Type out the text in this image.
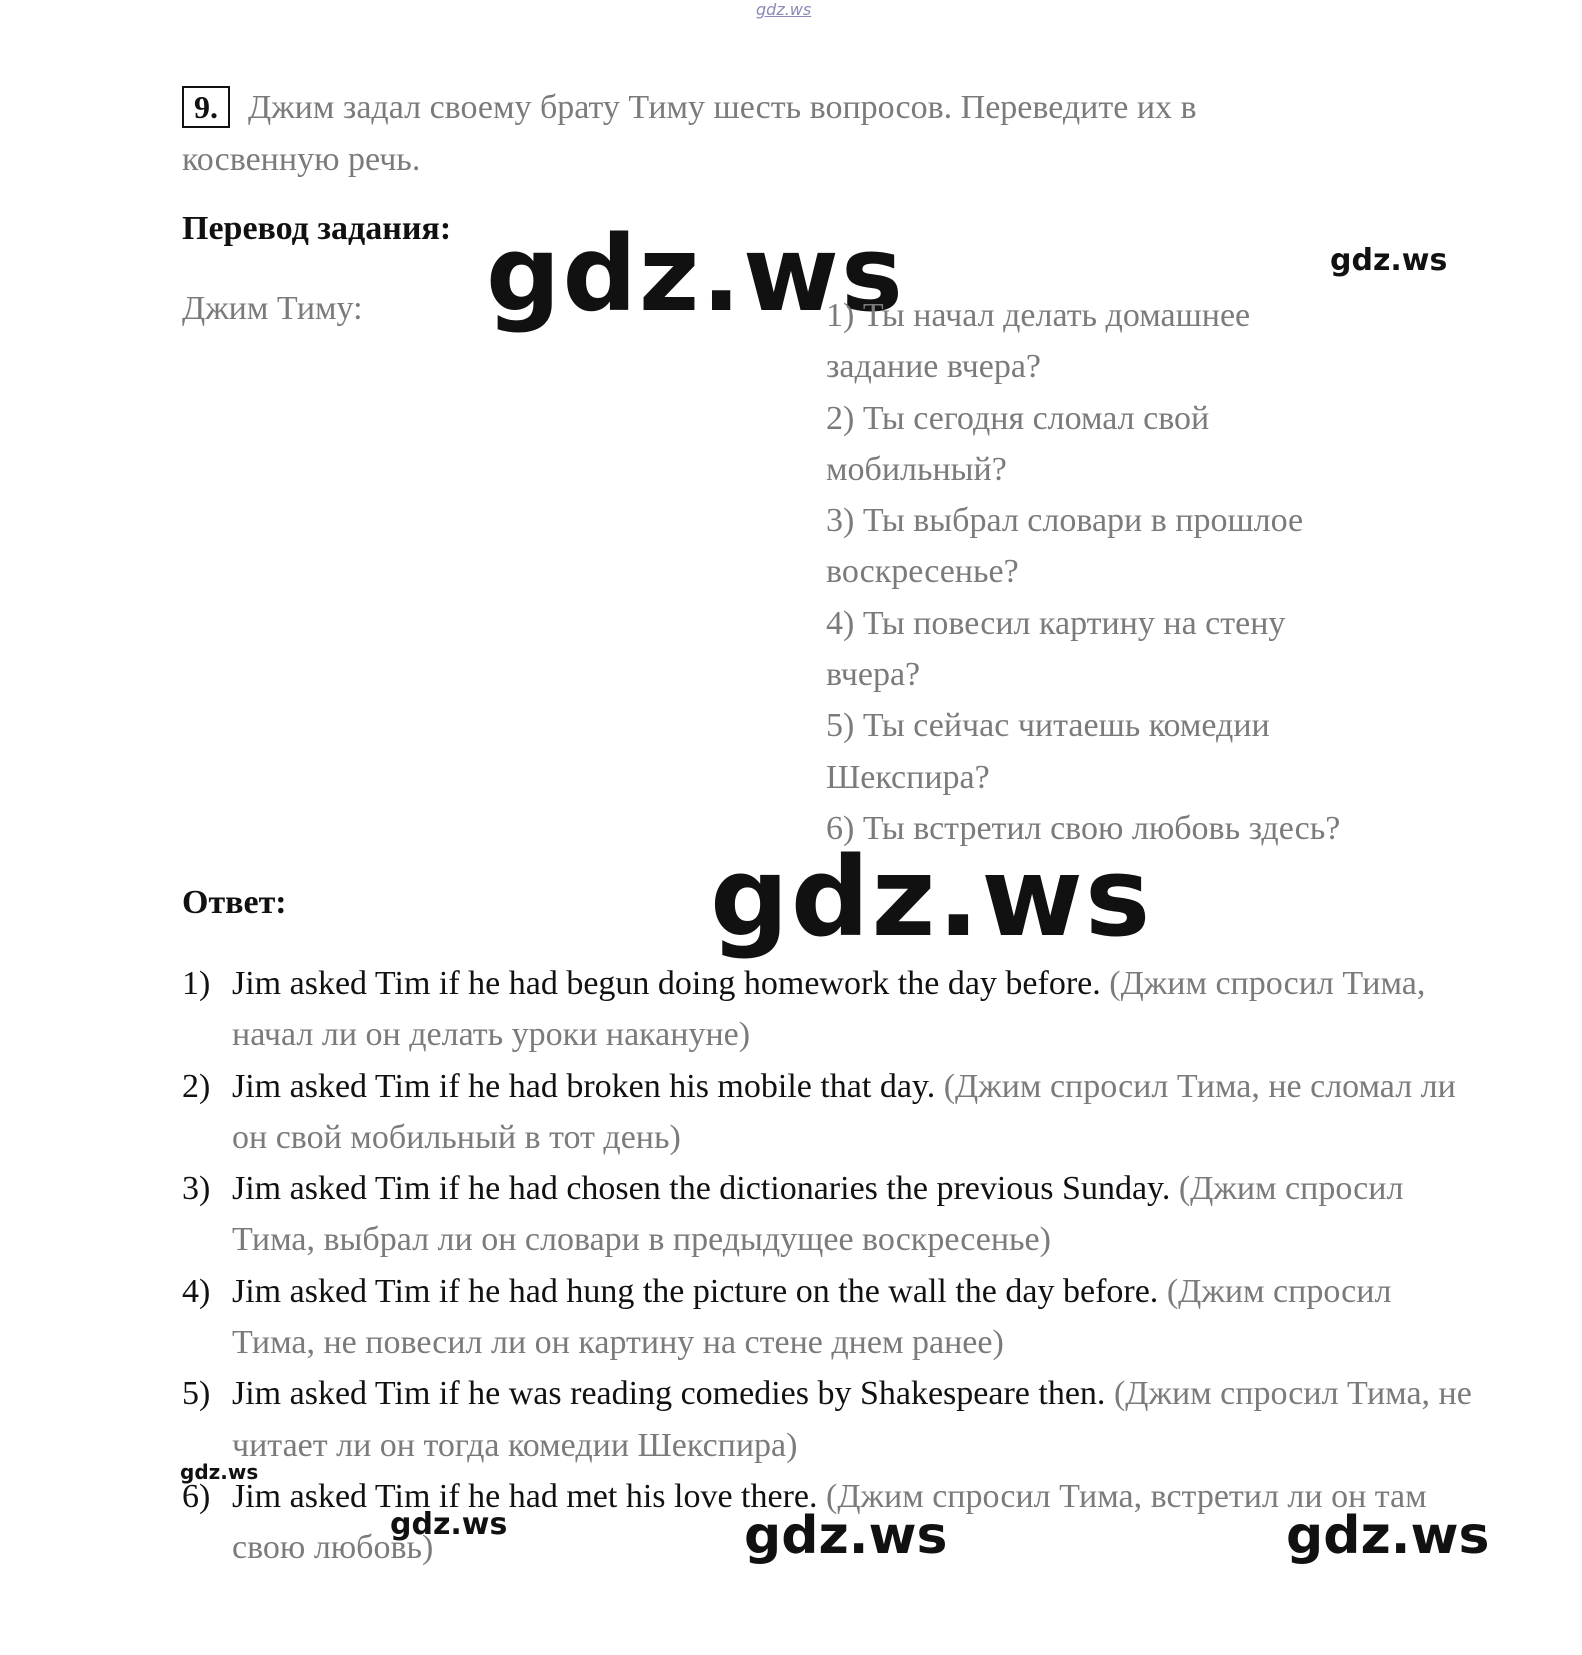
gdz.ws
9. Джим задал своему брату Тиму шесть вопросов. Переведите их в
косвенную речь.
Перевод задания: gdz.ws	gdz.ws
Джим Тиму:	1) Ты начал делать домашнее
задание вчера?
2) Ты сегодня сломал свой
мобильный?
3) Ты выбрал словари в прошлое
воскресенье?
4) Ты повесил картину на стену
вчера?
5) Ты сейчас читаешь комедии
Шекспира?
6) Ты встретил свою любовь здесь?
Ответ:	gdz.ws
1) Jim asked Tim if he had begun doing homework the day before. (Джим спросил Тима, начал ли он делать уроки накануне)
2) Jim asked Tim if he had broken his mobile that day. (Джим спросил Тима, не сломал ли он свой мобильный в тот день)
3) Jim asked Tim if he had chosen the dictionaries the previous Sunday. (Джим спросил Тима, выбрал ли он словари в предыдущее воскресенье)
4) Jim asked Tim if he had hung the picture on the wall the day before. (Джим спросил Тима, не повесил ли он картину на стене днем ранее)
5) Jim asked Tim if he was reading comedies by Shakespeare then. (Джим спросил Тима, не читает ли он тогда комедии Шекспира)
6) Jim asked Tim if he had met his love there. (Джим спросил Тима, встретил ли он там свою любовь)
gdz.ws
gdz.ws	gdz.ws	gdz.ws
